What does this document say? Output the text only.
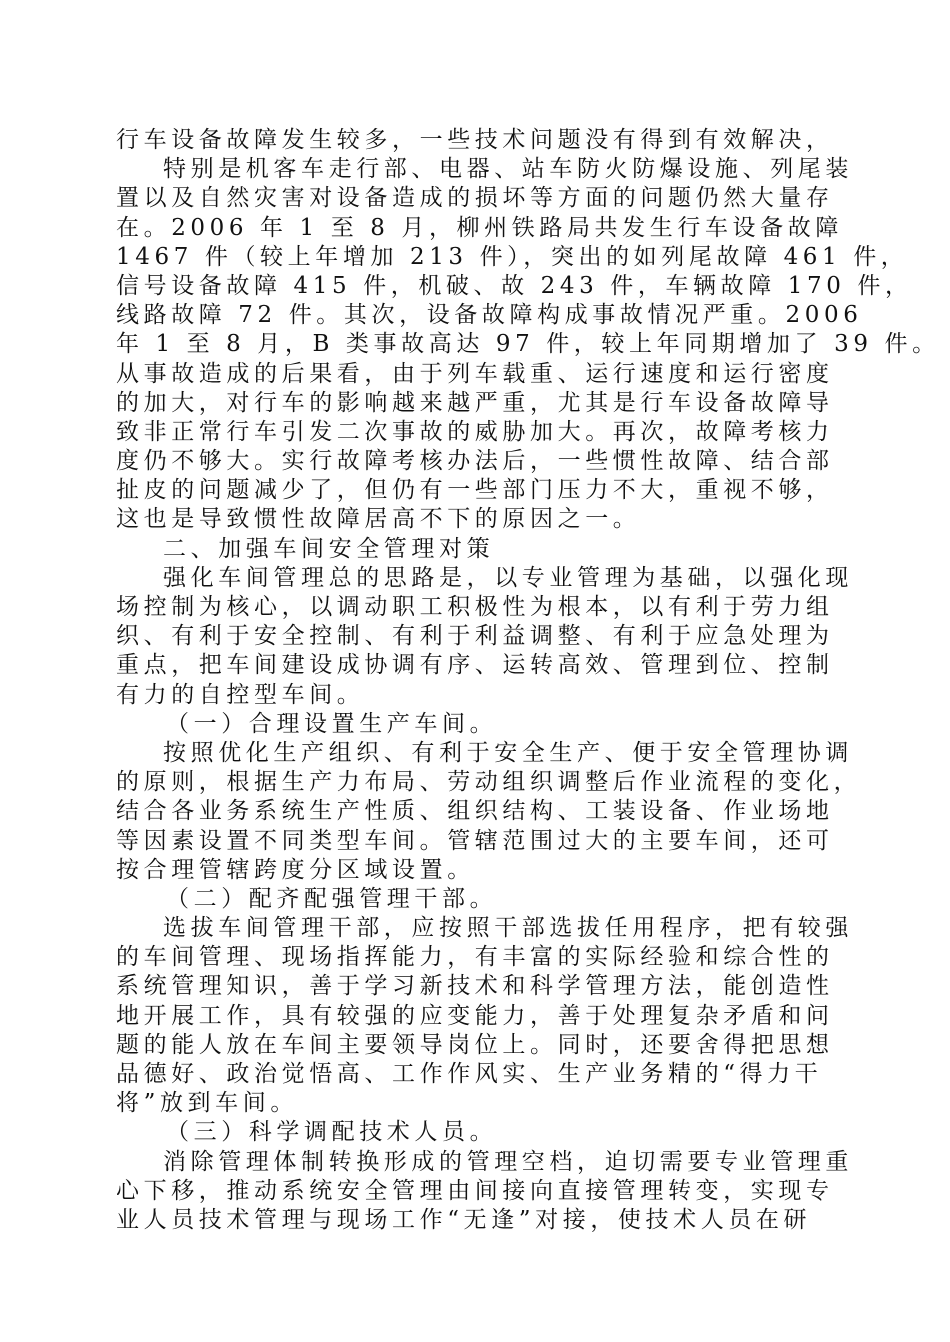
行车设备故障发生较多，一些技术问题没有得到有效解决，
特别是机客车走行部、电器、站车防火防爆设施、列尾装
置以及自然灾害对设备造成的损坏等方面的问题仍然大量存
在。2006 年 1 至 8 月，柳州铁路局共发生行车设备故障
1467 件（较上年增加 213 件），突出的如列尾故障 461 件，
信号设备故障 415 件，机破、故 243 件，车辆故障 170 件，
线路故障 72 件。其次，设备故障构成事故情况严重。2006
年 1 至 8 月，B 类事故高达 97 件，较上年同期增加了 39 件。
从事故造成的后果看，由于列车载重、运行速度和运行密度
的加大，对行车的影响越来越严重，尤其是行车设备故障导
致非正常行车引发二次事故的威胁加大。再次，故障考核力
度仍不够大。实行故障考核办法后，一些惯性故障、结合部
扯皮的问题减少了，但仍有一些部门压力不大，重视不够，
这也是导致惯性故障居高不下的原因之一。
二、加强车间安全管理对策
强化车间管理总的思路是，以专业管理为基础，以强化现
场控制为核心，以调动职工积极性为根本，以有利于劳力组
织、有利于安全控制、有利于利益调整、有利于应急处理为
重点，把车间建设成协调有序、运转高效、管理到位、控制
有力的自控型车间。
（一）合理设置生产车间。
按照优化生产组织、有利于安全生产、便于安全管理协调
的原则，根据生产力布局、劳动组织调整后作业流程的变化，
结合各业务系统生产性质、组织结构、工装设备、作业场地
等因素设置不同类型车间。管辖范围过大的主要车间，还可
按合理管辖跨度分区域设置。
（二）配齐配强管理干部。
选拔车间管理干部，应按照干部选拔任用程序，把有较强
的车间管理、现场指挥能力，有丰富的实际经验和综合性的
系统管理知识，善于学习新技术和科学管理方法，能创造性
地开展工作，具有较强的应变能力，善于处理复杂矛盾和问
题的能人放在车间主要领导岗位上。同时，还要舍得把思想
品德好、政治觉悟高、工作作风实、生产业务精的“得力干
将”放到车间。
（三）科学调配技术人员。
消除管理体制转换形成的管理空档，迫切需要专业管理重
心下移，推动系统安全管理由间接向直接管理转变，实现专
业人员技术管理与现场工作“无逢”对接，使技术人员在研
